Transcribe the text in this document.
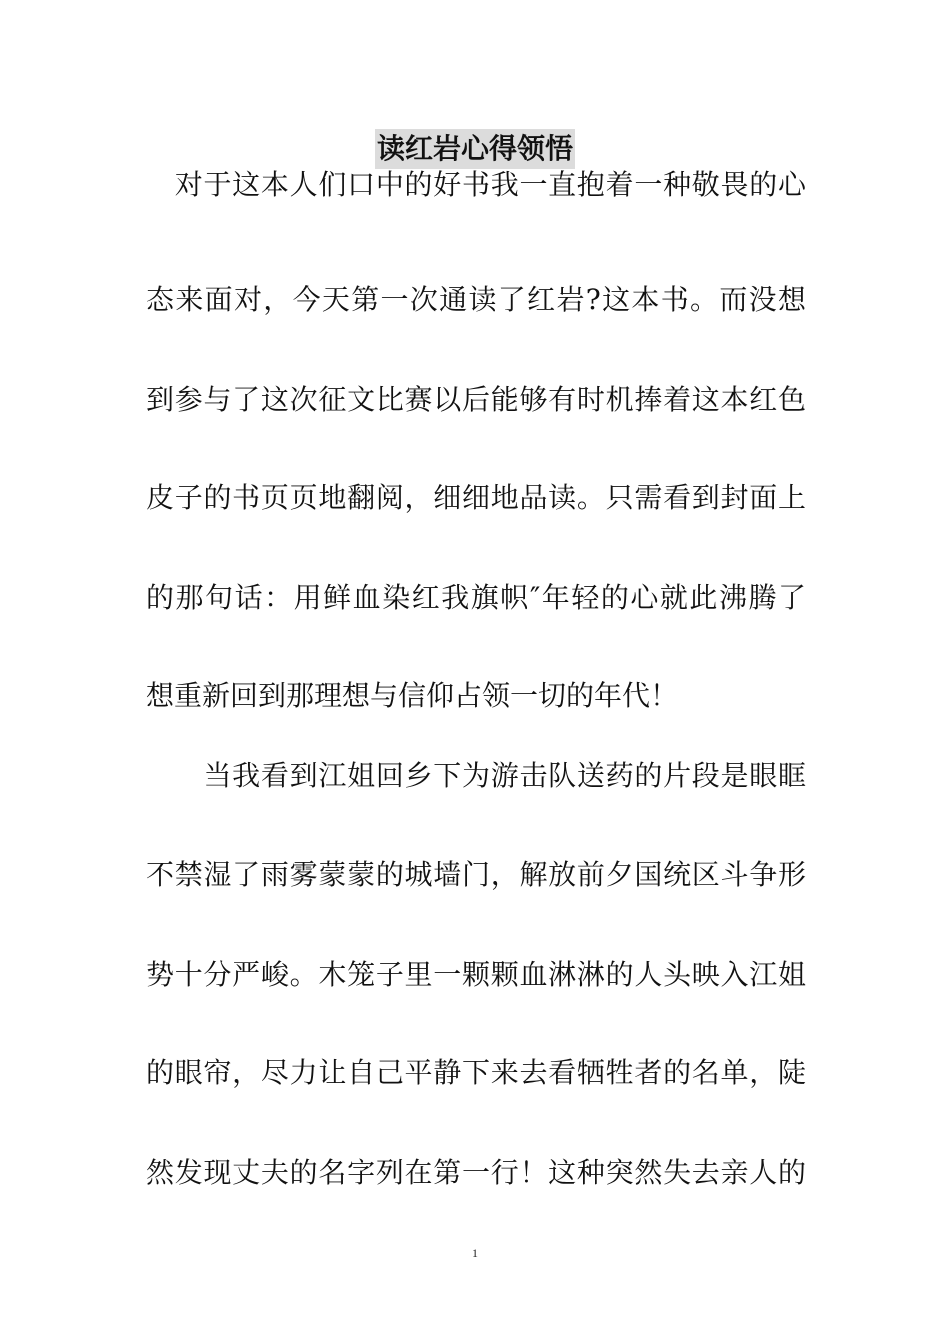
读红岩心得领悟

　对于这本人们口中的好书我一直抱着一种敬畏的心

态来面对，今天第一次通读了红岩?这本书。而没想

到参与了这次征文比赛以后能够有时机捧着这本红色

皮子的书页页地翻阅，细细地品读。只需看到封面上

的那句话：用鲜血染红我旗帜″年轻的心就此沸腾了

想重新回到那理想与信仰占领一切的年代！

　　当我看到江姐回乡下为游击队送药的片段是眼眶

不禁湿了雨雾蒙蒙的城墙门，解放前夕国统区斗争形

势十分严峻。木笼子里一颗颗血淋淋的人头映入江姐

的眼帘，尽力让自己平静下来去看牺牲者的名单，陡

然发现丈夫的名字列在第一行！这种突然失去亲人的

1
